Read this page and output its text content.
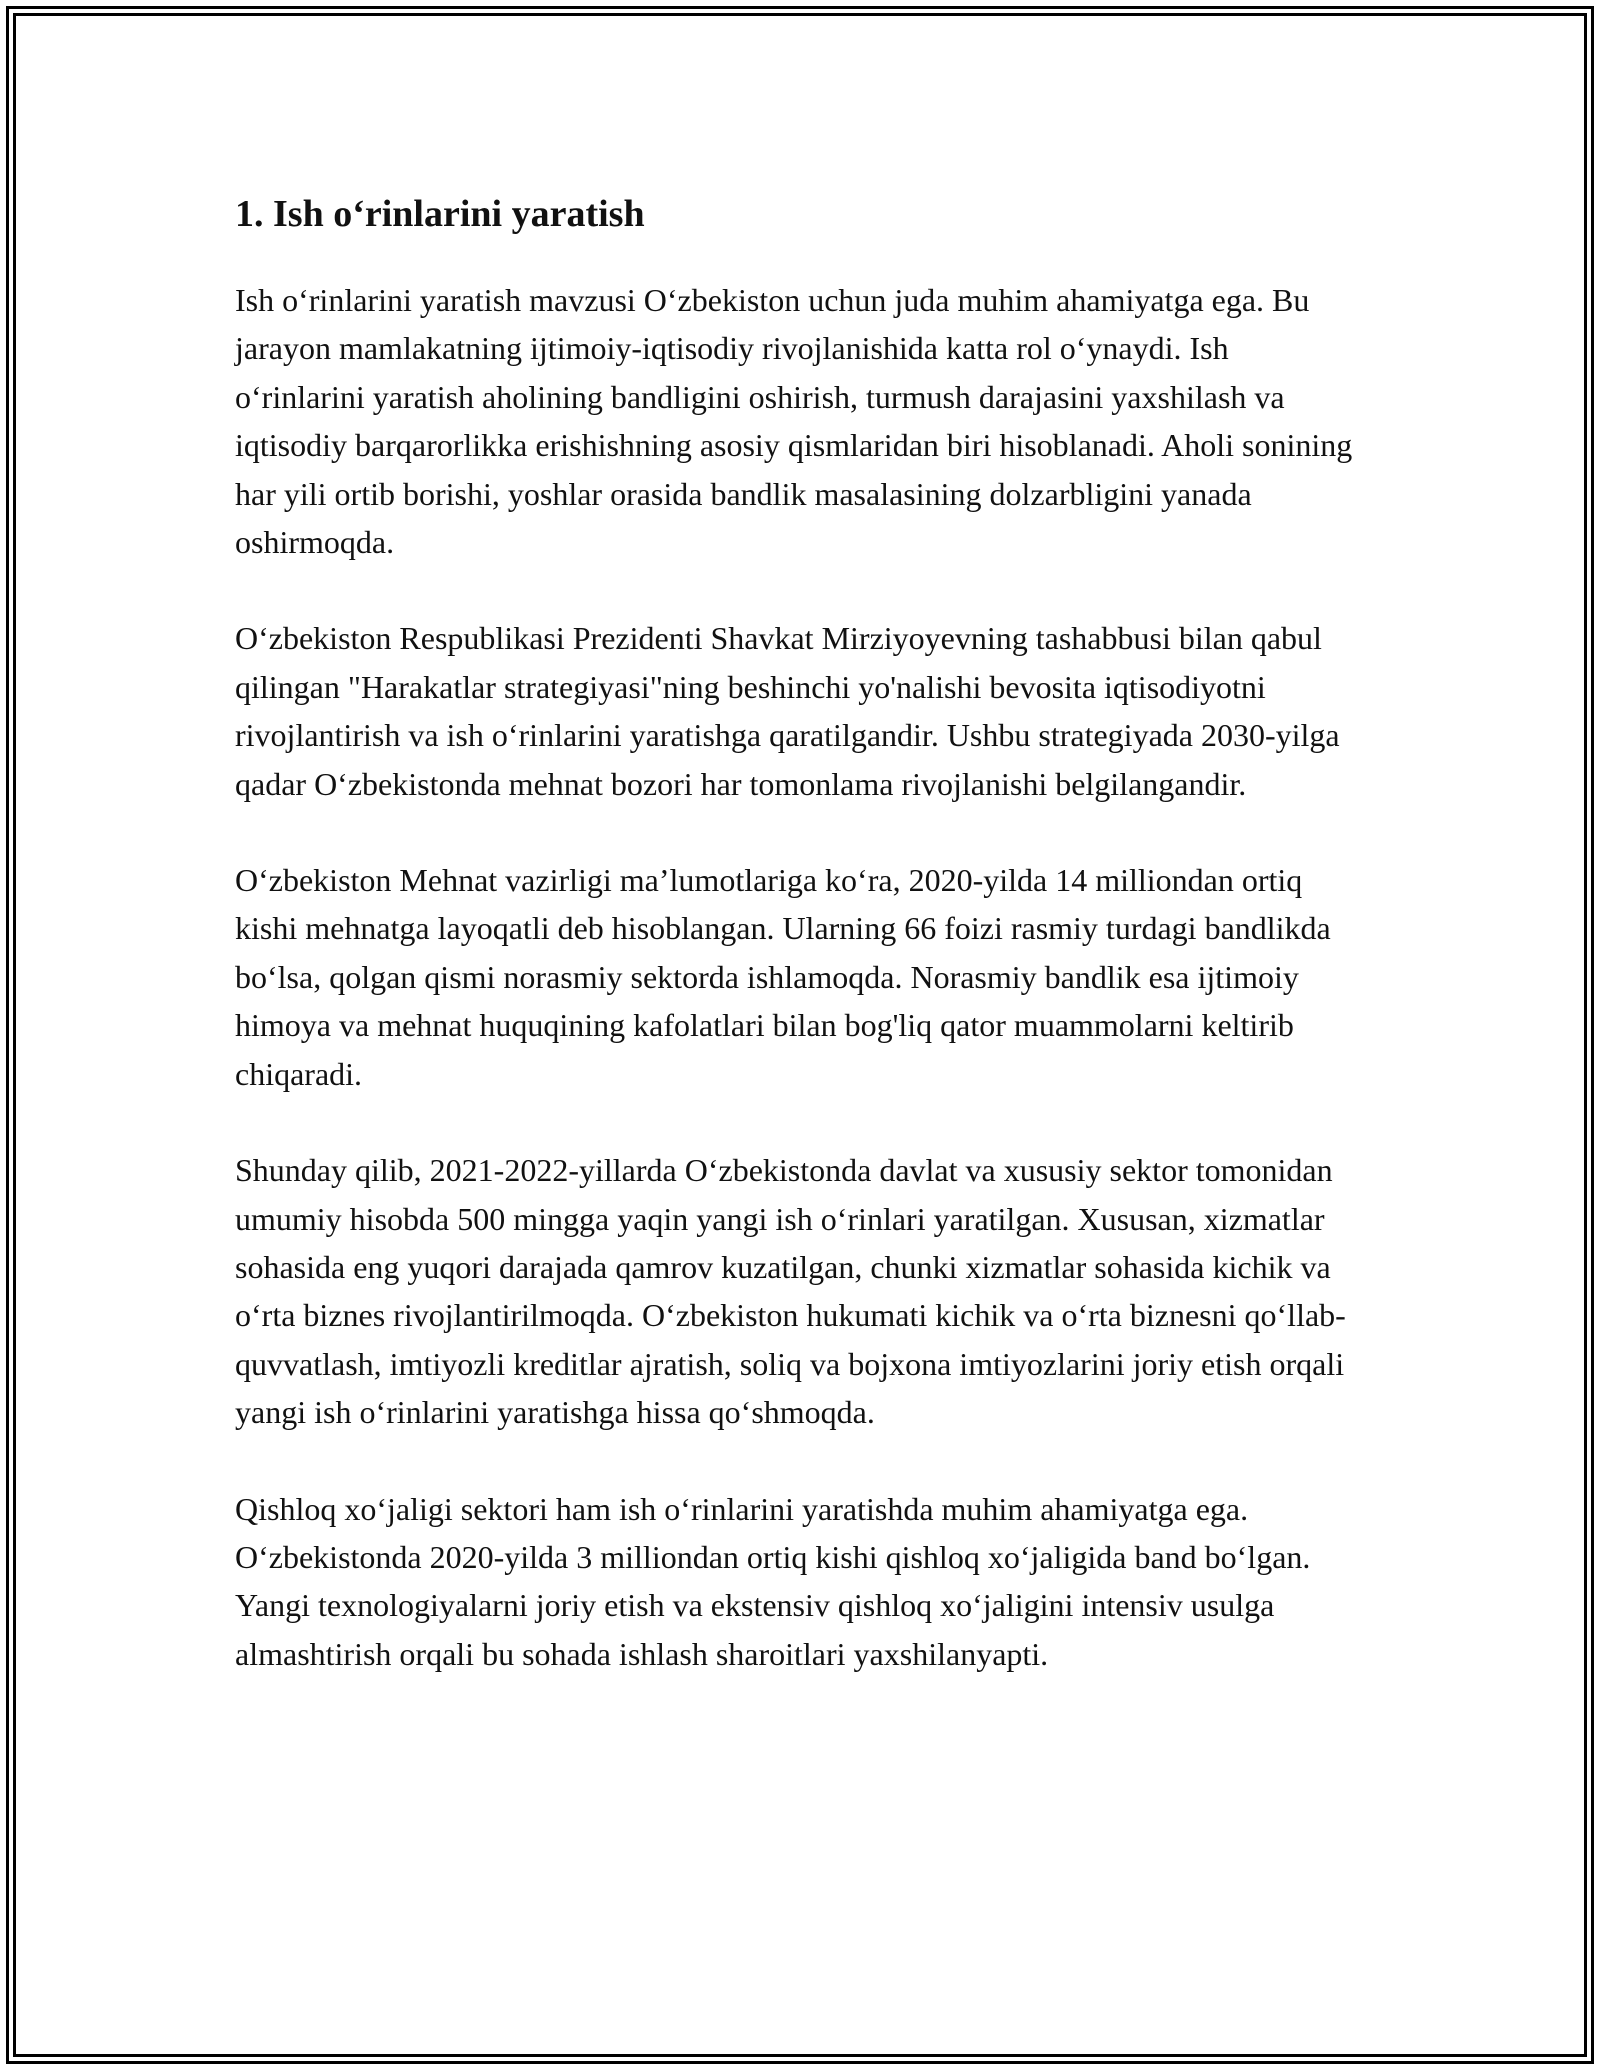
1. Ish o‘rinlarini yaratish

Ish o‘rinlarini yaratish mavzusi O‘zbekiston uchun juda muhim ahamiyatga ega. Bu jarayon mamlakatning ijtimoiy-iqtisodiy rivojlanishida katta rol o‘ynaydi. Ish o‘rinlarini yaratish aholining bandligini oshirish, turmush darajasini yaxshilash va iqtisodiy barqarorlikka erishishning asosiy qismlaridan biri hisoblanadi. Aholi sonining har yili ortib borishi, yoshlar orasida bandlik masalasining dolzarbligini yanada oshirmoqda.

O‘zbekiston Respublikasi Prezidenti Shavkat Mirziyoyevning tashabbusi bilan qabul qilingan "Harakatlar strategiyasi"ning beshinchi yo'nalishi bevosita iqtisodiyotni rivojlantirish va ish o‘rinlarini yaratishga qaratilgandir. Ushbu strategiyada 2030-yilga qadar O‘zbekistonda mehnat bozori har tomonlama rivojlanishi belgilangandir.

O‘zbekiston Mehnat vazirligi ma’lumotlariga ko‘ra, 2020-yilda 14 milliondan ortiq kishi mehnatga layoqatli deb hisoblangan. Ularning 66 foizi rasmiy turdagi bandlikda bo‘lsa, qolgan qismi norasmiy sektorda ishlamoqda. Norasmiy bandlik esa ijtimoiy himoya va mehnat huquqining kafolatlari bilan bog'liq qator muammolarni keltirib chiqaradi.

Shunday qilib, 2021-2022-yillarda O‘zbekistonda davlat va xususiy sektor tomonidan umumiy hisobda 500 mingga yaqin yangi ish o‘rinlari yaratilgan. Xususan, xizmatlar sohasida eng yuqori darajada qamrov kuzatilgan, chunki xizmatlar sohasida kichik va o‘rta biznes rivojlantirilmoqda. O‘zbekiston hukumati kichik va o‘rta biznesni qo‘llab-quvvatlash, imtiyozli kreditlar ajratish, soliq va bojxona imtiyozlarini joriy etish orqali yangi ish o‘rinlarini yaratishga hissa qo‘shmoqda.

Qishloq xo‘jaligi sektori ham ish o‘rinlarini yaratishda muhim ahamiyatga ega. O‘zbekistonda 2020-yilda 3 milliondan ortiq kishi qishloq xo‘jaligida band bo‘lgan. Yangi texnologiyalarni joriy etish va ekstensiv qishloq xo‘jaligini intensiv usulga almashtirish orqali bu sohada ishlash sharoitlari yaxshilanyapti.
